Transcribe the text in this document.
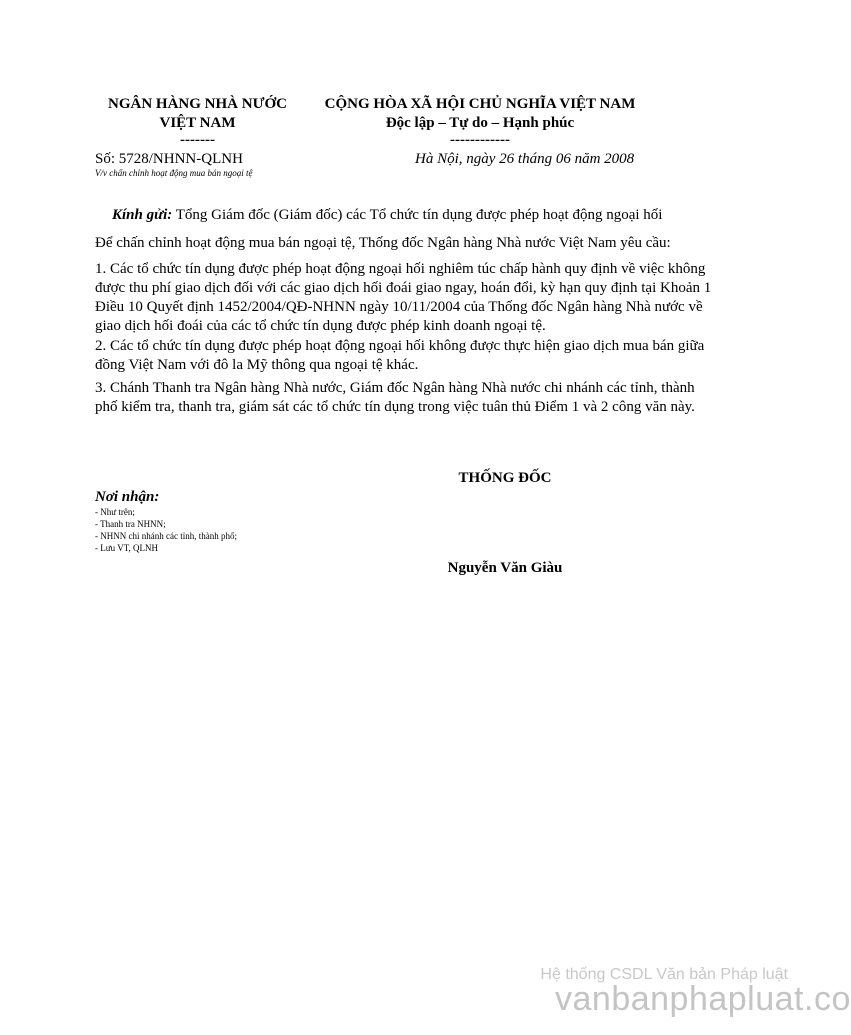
NGÂN HÀNG NHÀ NƯỚC
VIỆT NAM
-------
Số: 5728/NHNN-QLNH
V/v chấn chỉnh hoạt động mua bán ngoại tệ
CỘNG HÒA XÃ HỘI CHỦ NGHĨA VIỆT NAM
Độc lập – Tự do – Hạnh phúc
------------
Hà Nội, ngày 26 tháng 06 năm 2008
Kính gửi: Tổng Giám đốc (Giám đốc) các Tổ chức tín dụng được phép hoạt động ngoại hối
Để chấn chỉnh hoạt động mua bán ngoại tệ, Thống đốc Ngân hàng Nhà nước Việt Nam yêu cầu:
1. Các tổ chức tín dụng được phép hoạt động ngoại hối nghiêm túc chấp hành quy định về việc không được thu phí giao dịch đối với các giao dịch hối đoái giao ngay, hoán đổi, kỳ hạn quy định tại Khoản 1 Điều 10 Quyết định 1452/2004/QĐ-NHNN ngày 10/11/2004 của Thống đốc Ngân hàng Nhà nước về giao dịch hối đoái của các tổ chức tín dụng được phép kinh doanh ngoại tệ.
2. Các tổ chức tín dụng được phép hoạt động ngoại hối không được thực hiện giao dịch mua bán giữa đồng Việt Nam với đô la Mỹ thông qua ngoại tệ khác.
3. Chánh Thanh tra Ngân hàng Nhà nước, Giám đốc Ngân hàng Nhà nước chi nhánh các tỉnh, thành phố kiểm tra, thanh tra, giám sát các tổ chức tín dụng trong việc tuân thủ Điểm 1 và 2 công văn này.
THỐNG ĐỐC
Nguyễn Văn Giàu
Nơi nhận:
- Như trên;
- Thanh tra NHNN;
- NHNN chi nhánh các tỉnh, thành phố;
- Lưu VT, QLNH
Hệ thống CSDL Văn bản Pháp luật
vanbanphapluat.co
